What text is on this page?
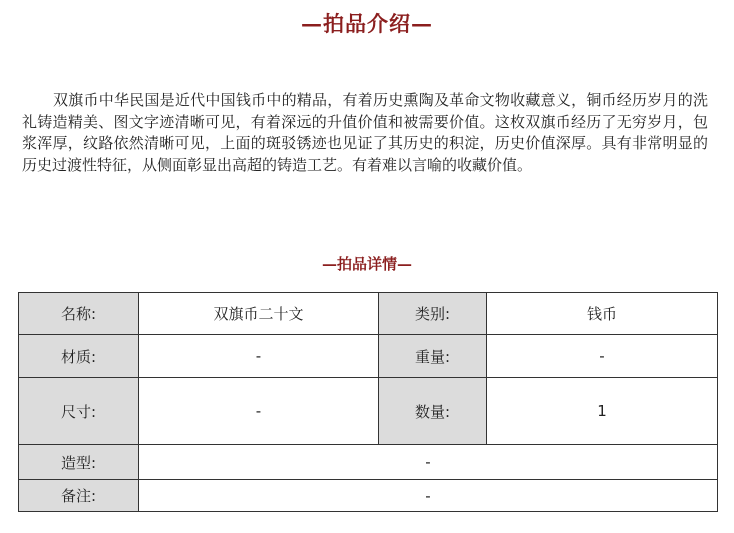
—拍品介绍—

双旗币中华民国是近代中国钱币中的精品，有着历史熏陶及革命文物收藏意义，铜币经历岁月的洗礼铸造精美、图文字迹清晰可见，有着深远的升值价值和被需要价值。这枚双旗币经历了无穷岁月，包浆浑厚，纹路依然清晰可见，上面的斑驳锈迹也见证了其历史的积淀，历史价值深厚。具有非常明显的历史过渡性特征，从侧面彰显出高超的铸造工艺。有着难以言喻的收藏价值。

—拍品详情—
名称:	双旗币二十文	类别:	钱币
材质:	-	重量:	-
尺寸:	-	数量:	1
造型:	-		
备注:	-		
